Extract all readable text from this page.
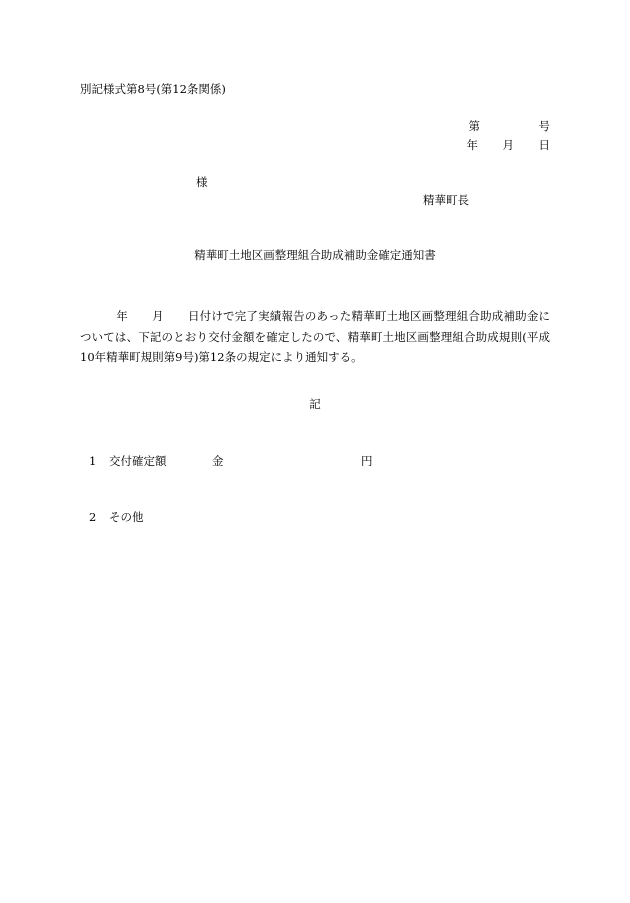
別記様式第8号(第12条関係)
第	号
年	月	日
様
精華町長
精華町土地区画整理組合助成補助金確定通知書
年 月 日付けで完了実績報告のあった精華町土地区画整理組合助成補助金については、下記のとおり交付金額を確定したので、精華町土地区画整理組合助成規則(平成10年精華町規則第9号)第12条の規定により通知する。
記
1	交付確定額	金	円
2	その他
